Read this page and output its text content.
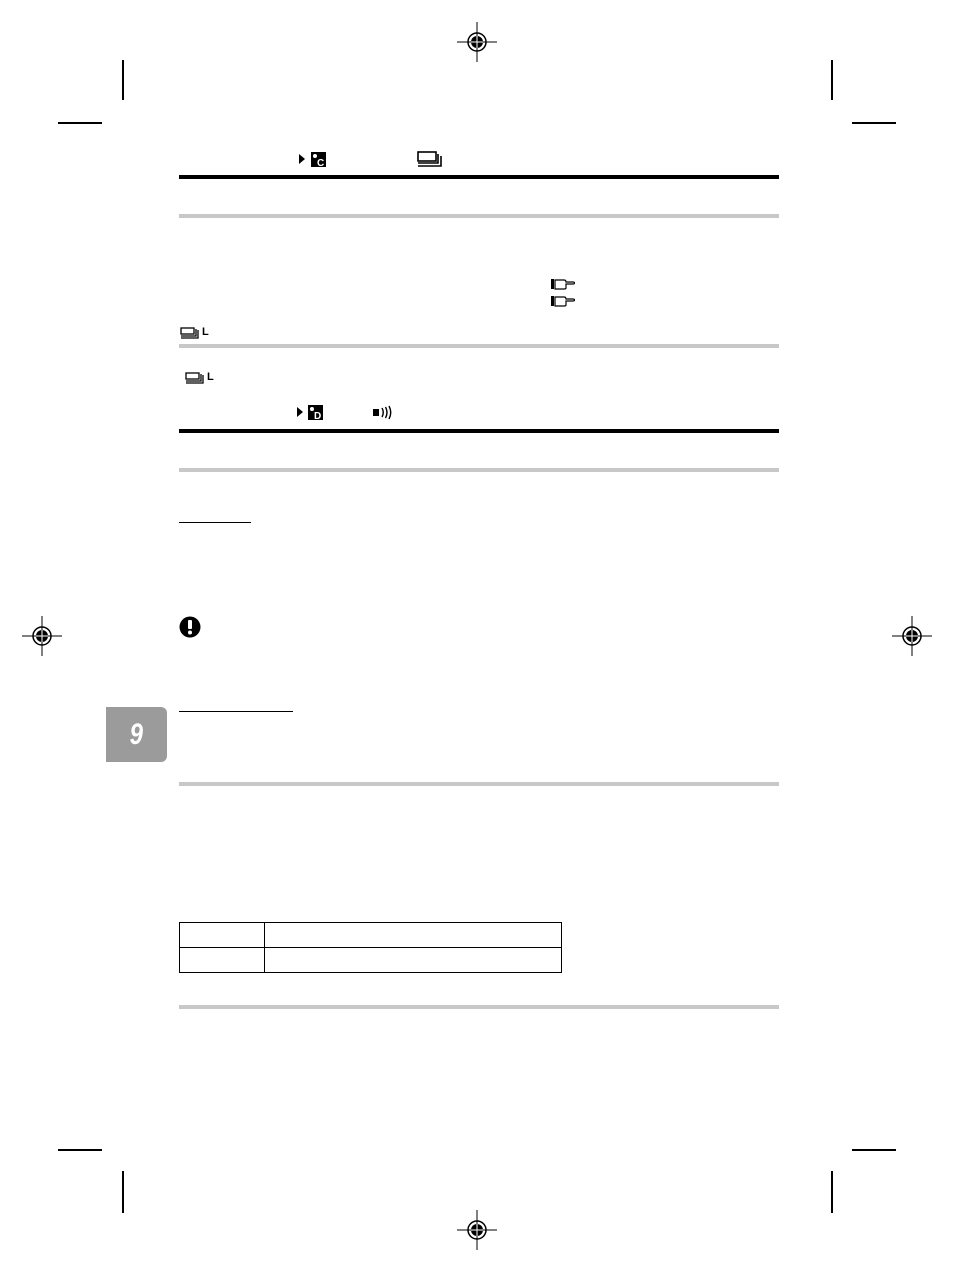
C
L
L
D
9
